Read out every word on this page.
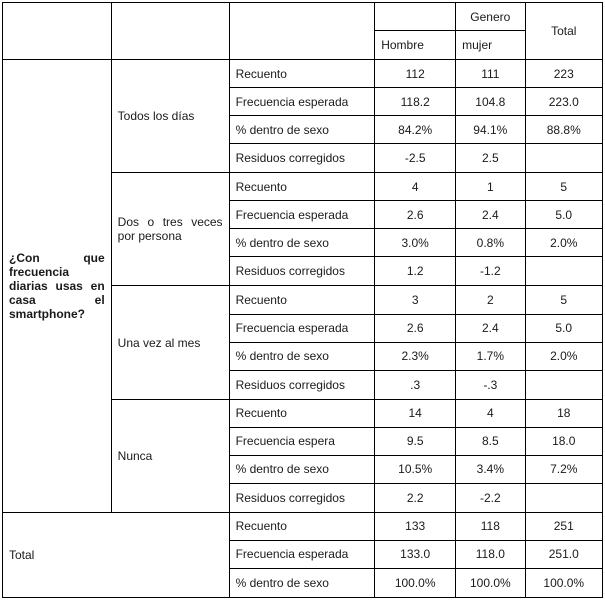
				Genero	Total
			Hombre	mujer	
¿Con que frecuencia diarias usas en casa el smartphone?	Todos los días	Recuento	112	111	223
		Frecuencia esperada	118.2	104.8	223.0
		% dentro de sexo	84.2%	94.1%	88.8%
		Residuos corregidos	-2.5	2.5	
	Dos o tres veces por persona	Recuento	4	1	5
		Frecuencia esperada	2.6	2.4	5.0
		% dentro de sexo	3.0%	0.8%	2.0%
		Residuos corregidos	1.2	-1.2	
	Una vez al mes	Recuento	3	2	5
		Frecuencia esperada	2.6	2.4	5.0
		% dentro de sexo	2.3%	1.7%	2.0%
		Residuos corregidos	.3	-.3	
	Nunca	Recuento	14	4	18
		Frecuencia espera	9.5	8.5	18.0
		% dentro de sexo	10.5%	3.4%	7.2%
		Residuos corregidos	2.2	-2.2	
Total		Recuento	133	118	251
		Frecuencia esperada	133.0	118.0	251.0
		% dentro de sexo	100.0%	100.0%	100.0%
